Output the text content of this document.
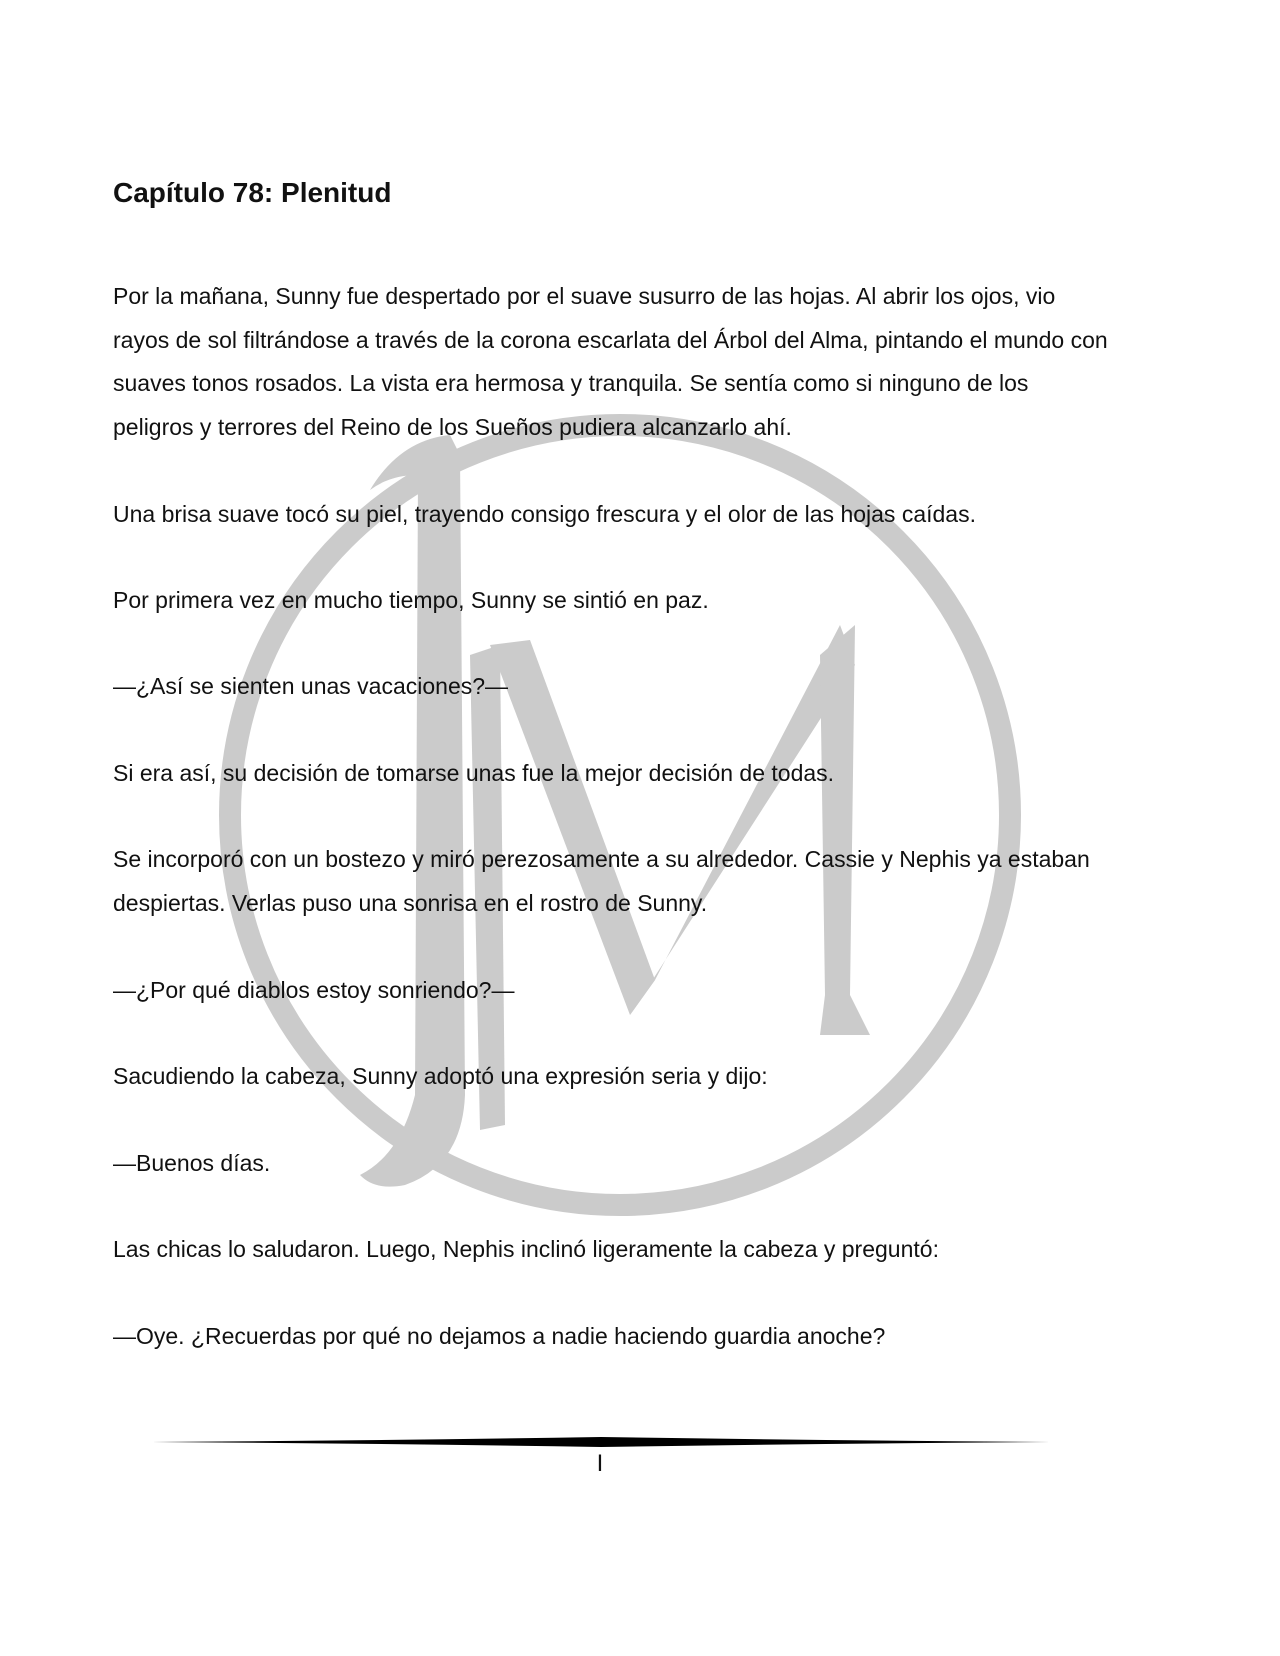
Capítulo 78: Plenitud

Por la mañana, Sunny fue despertado por el suave susurro de las hojas. Al abrir los ojos, vio rayos de sol filtrándose a través de la corona escarlata del Árbol del Alma, pintando el mundo con suaves tonos rosados. La vista era hermosa y tranquila. Se sentía como si ninguno de los peligros y terrores del Reino de los Sueños pudiera alcanzarlo ahí.

Una brisa suave tocó su piel, trayendo consigo frescura y el olor de las hojas caídas.

Por primera vez en mucho tiempo, Sunny se sintió en paz.

—¿Así se sienten unas vacaciones?—

Si era así, su decisión de tomarse unas fue la mejor decisión de todas.

Se incorporó con un bostezo y miró perezosamente a su alrededor. Cassie y Nephis ya estaban despiertas. Verlas puso una sonrisa en el rostro de Sunny.

—¿Por qué diablos estoy sonriendo?—

Sacudiendo la cabeza, Sunny adoptó una expresión seria y dijo:

—Buenos días.

Las chicas lo saludaron. Luego, Nephis inclinó ligeramente la cabeza y preguntó:

—Oye. ¿Recuerdas por qué no dejamos a nadie haciendo guardia anoche?

I
